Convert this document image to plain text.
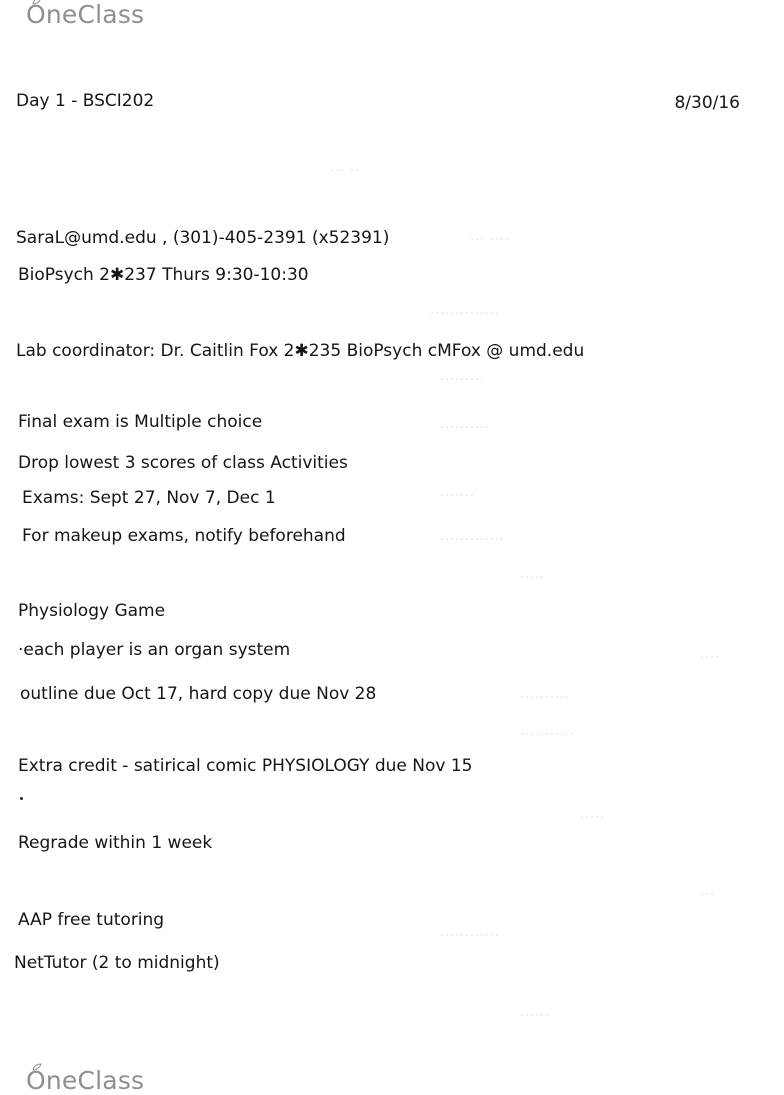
OneClass
··· ··
··· ····
··············
·········
··········
·······
·············
·····
····
··········
···········
·····
···
············
······
Day 1 - BSCI202	8/30/16
SaraL@umd.edu , (301)-405-2391 (x52391)
BioPsych 2✱237 Thurs 9:30-10:30
Lab coordinator: Dr. Caitlin Fox 2✱235 BioPsych cMFox @ umd.edu
Final exam is Multiple choice
Drop lowest 3 scores of class Activities
Exams: Sept 27, Nov 7, Dec 1
For makeup exams, notify beforehand
Physiology Game
·each player is an organ system
outline due Oct 17, hard copy due Nov 28
Extra credit - satirical comic PHYSIOLOGY due Nov 15
Regrade within 1 week
AAP free tutoring
NetTutor (2 to midnight)
OneClass
